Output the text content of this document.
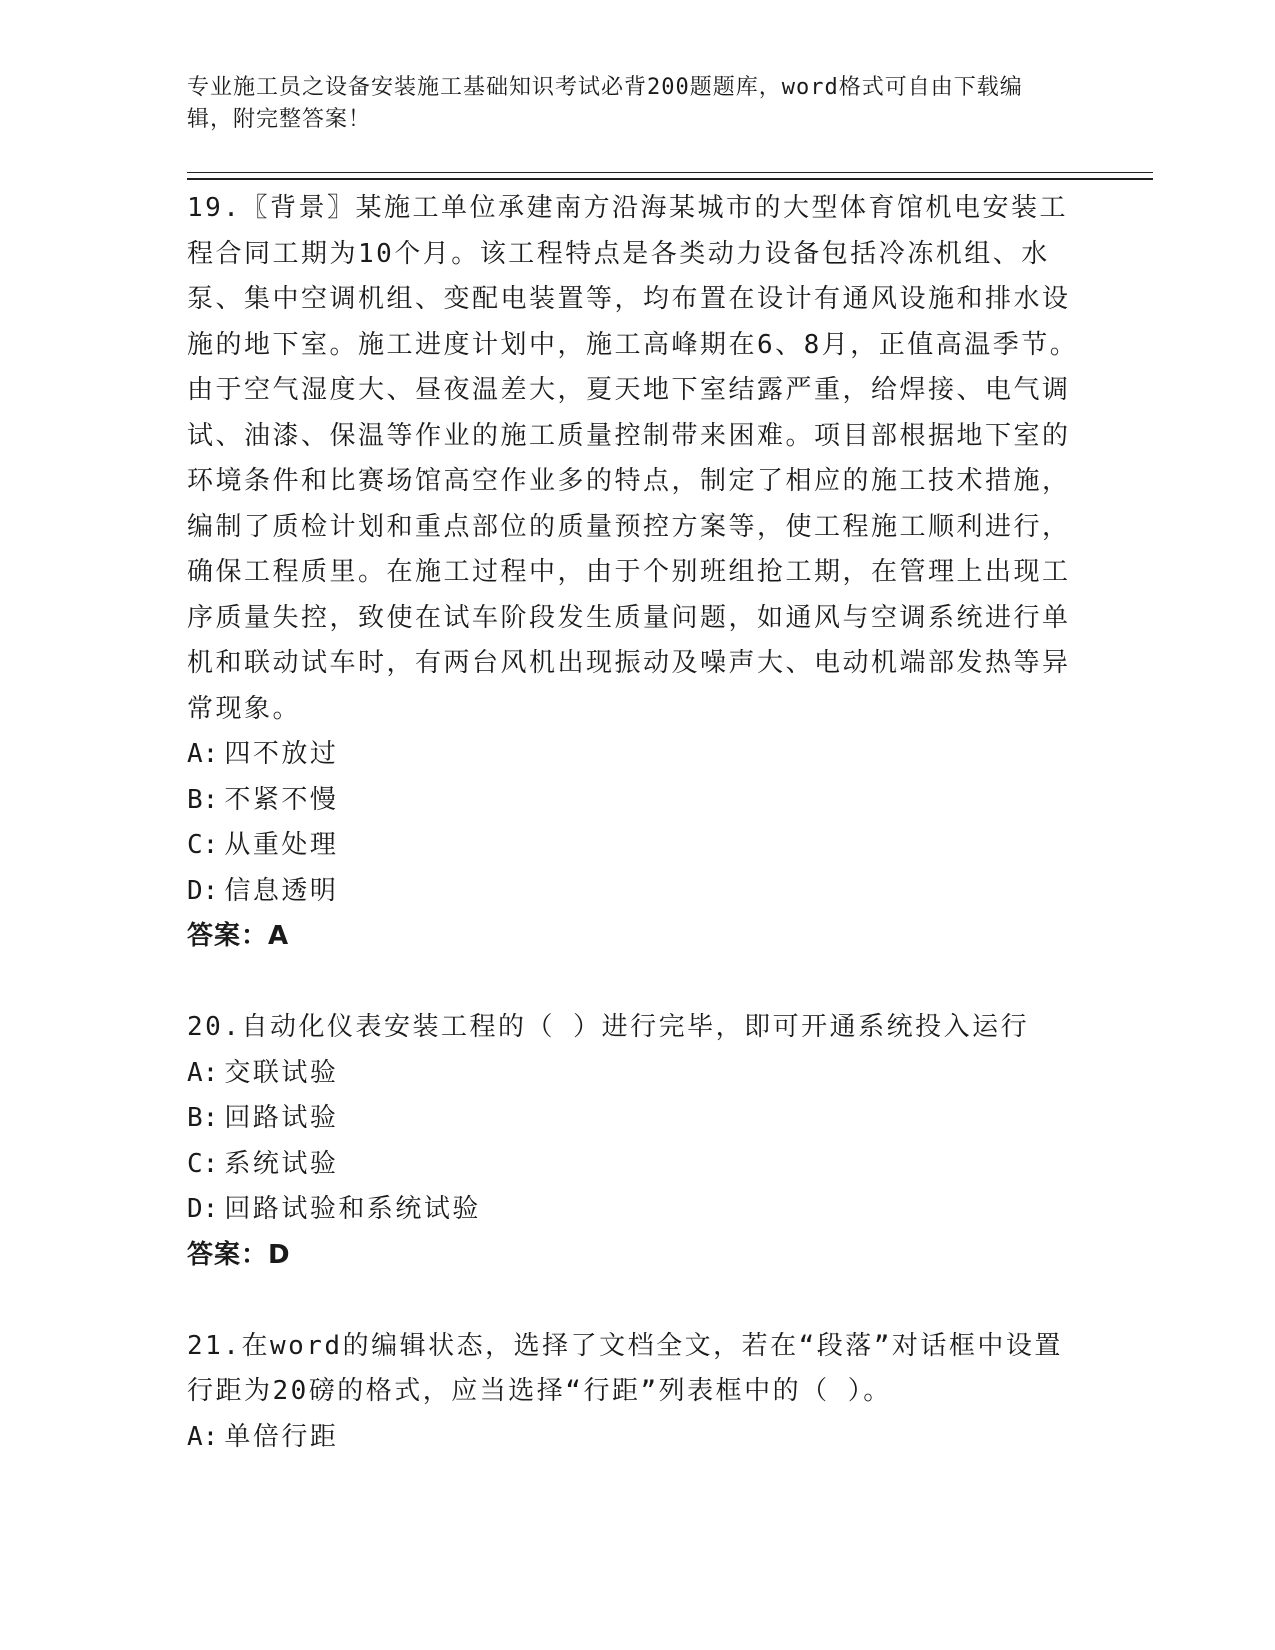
专业施工员之设备安装施工基础知识考试必背200题题库，word格式可自由下载编辑，附完整答案！

19.〖背景〗某施工单位承建南方沿海某城市的大型体育馆机电安装工程合同工期为10个月。该工程特点是各类动力设备包括冷冻机组、水泵、集中空调机组、变配电装置等，均布置在设计有通风设施和排水设施的地下室。施工进度计划中，施工高峰期在6、8月，正值高温季节。由于空气湿度大、昼夜温差大，夏天地下室结露严重，给焊接、电气调试、油漆、保温等作业的施工质量控制带来困难。项目部根据地下室的环境条件和比赛场馆高空作业多的特点，制定了相应的施工技术措施，编制了质检计划和重点部位的质量预控方案等，使工程施工顺利进行，确保工程质里。在施工过程中，由于个别班组抢工期，在管理上出现工序质量失控，致使在试车阶段发生质量问题，如通风与空调系统进行单机和联动试车时，有两台风机出现振动及噪声大、电动机端部发热等异常现象。

A: 四不放过

B: 不紧不慢

C: 从重处理

D: 信息透明

答案：A

20.自动化仪表安装工程的（ ）进行完毕，即可开通系统投入运行

A: 交联试验

B: 回路试验

C: 系统试验

D: 回路试验和系统试验

答案：D

21.在word的编辑状态，选择了文档全文，若在“段落”对话框中设置行距为20磅的格式，应当选择“行距”列表框中的（ ）。

A: 单倍行距
